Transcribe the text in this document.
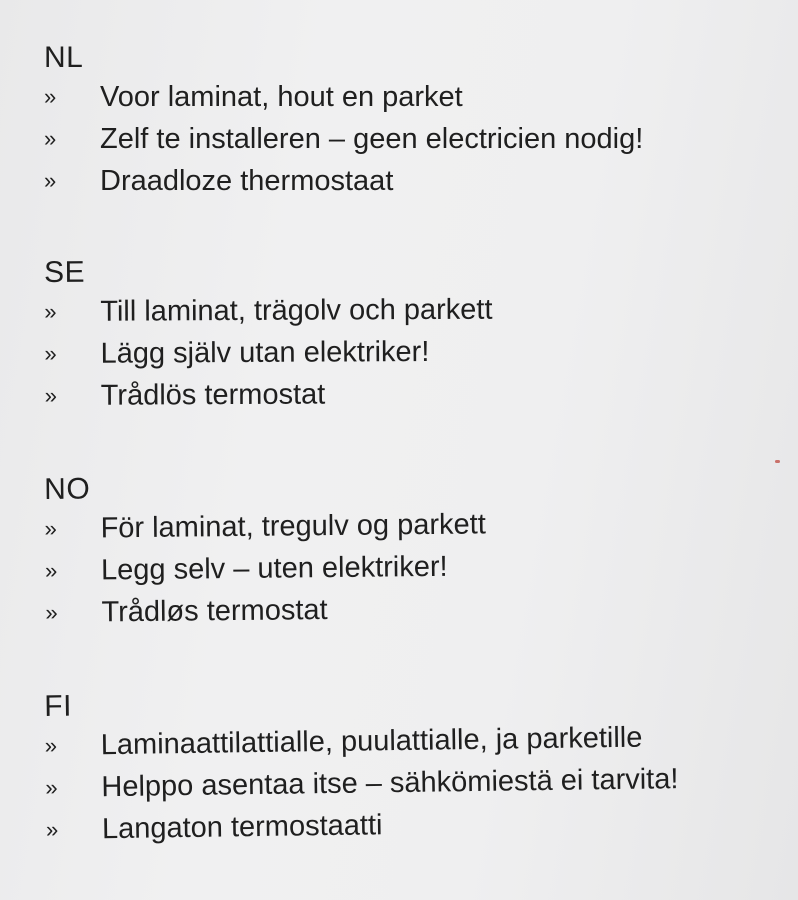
NL
»	Voor laminat, hout en parket
»	Zelf te installeren – geen electricien nodig!
»	Draadloze thermostaat
SE
»	Till laminat, trägolv och parkett
»	Lägg själv utan elektriker!
»	Trådlös termostat
NO
»	För laminat, tregulv og parkett
»	Legg selv – uten elektriker!
»	Trådløs termostat
FI
»	Laminaattilattialle, puulattialle, ja parketille
»	Helppo asentaa itse – sähkömiestä ei tarvita!
»	Langaton termostaatti
